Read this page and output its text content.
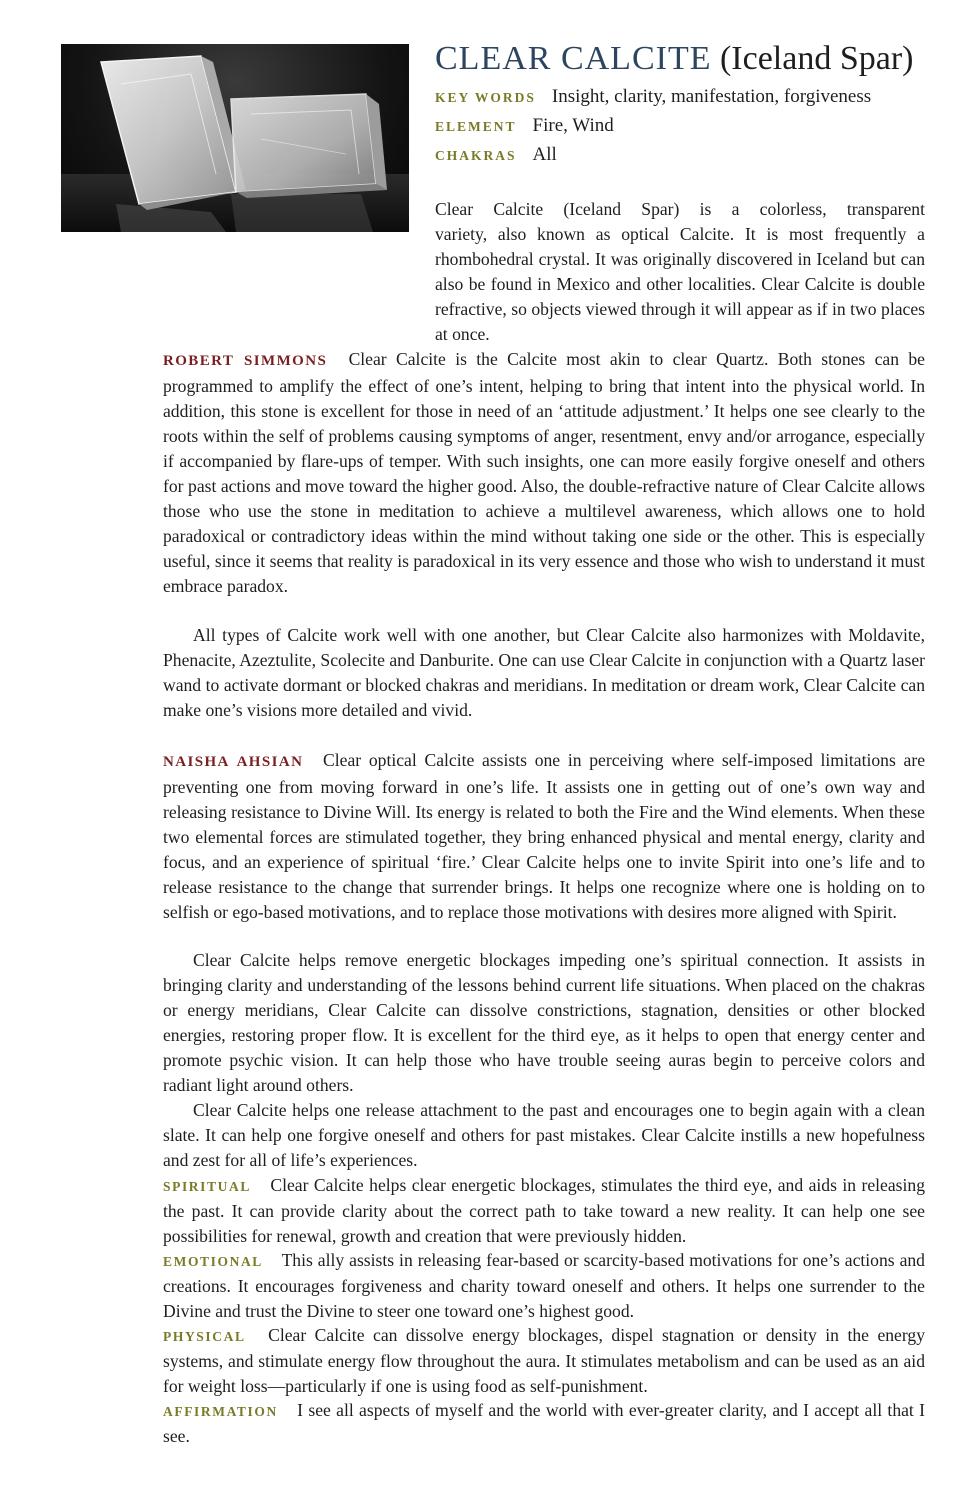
CLEAR CALCITE (Iceland Spar)
KEY WORDS Insight, clarity, manifestation, forgiveness
ELEMENT Fire, Wind
CHAKRAS All
Clear Calcite (Iceland Spar) is a colorless, transparent
variety, also known as optical Calcite. It is most frequently a rhombohedral crystal. It was originally discovered in Iceland but can also be found in Mexico and other localities. Clear Calcite is double refractive, so objects viewed through it will appear as if in two places at once.
ROBERT SIMMONS Clear Calcite is the Calcite most akin to clear Quartz. Both stones can be programmed to amplify the effect of one’s intent, helping to bring that intent into the physical world. In addition, this stone is excellent for those in need of an ‘attitude adjustment.’ It helps one see clearly to the roots within the self of problems causing symptoms of anger, resentment, envy and/or arrogance, especially if accompanied by flare-ups of temper. With such insights, one can more easily forgive oneself and others for past actions and move toward the higher good. Also, the double-refractive nature of Clear Calcite allows those who use the stone in meditation to achieve a multilevel awareness, which allows one to hold paradoxical or contradictory ideas within the mind without taking one side or the other. This is especially useful, since it seems that reality is paradoxical in its very essence and those who wish to understand it must embrace paradox.
All types of Calcite work well with one another, but Clear Calcite also harmonizes with Moldavite, Phenacite, Azeztulite, Scolecite and Danburite. One can use Clear Calcite in conjunction with a Quartz laser wand to activate dormant or blocked chakras and meridians. In meditation or dream work, Clear Calcite can make one’s visions more detailed and vivid.
NAISHA AHSIAN Clear optical Calcite assists one in perceiving where self-imposed limitations are preventing one from moving forward in one’s life. It assists one in getting out of one’s own way and releasing resistance to Divine Will. Its energy is related to both the Fire and the Wind elements. When these two elemental forces are stimulated together, they bring enhanced physical and mental energy, clarity and focus, and an experience of spiritual ‘fire.’ Clear Calcite helps one to invite Spirit into one’s life and to release resistance to the change that surrender brings. It helps one recognize where one is holding on to selfish or ego-based motivations, and to replace those motivations with desires more aligned with Spirit.
Clear Calcite helps remove energetic blockages impeding one’s spiritual connection. It assists in bringing clarity and understanding of the lessons behind current life situations. When placed on the chakras or energy meridians, Clear Calcite can dissolve constrictions, stagnation, densities or other blocked energies, restoring proper flow. It is excellent for the third eye, as it helps to open that energy center and promote psychic vision. It can help those who have trouble seeing auras begin to perceive colors and radiant light around others.
Clear Calcite helps one release attachment to the past and encourages one to begin again with a clean slate. It can help one forgive oneself and others for past mistakes. Clear Calcite instills a new hopefulness and zest for all of life’s experiences.
SPIRITUAL Clear Calcite helps clear energetic blockages, stimulates the third eye, and aids in releasing the past. It can provide clarity about the correct path to take toward a new reality. It can help one see possibilities for renewal, growth and creation that were previously hidden.
EMOTIONAL This ally assists in releasing fear-based or scarcity-based motivations for one’s actions and creations. It encourages forgiveness and charity toward oneself and others. It helps one surrender to the Divine and trust the Divine to steer one toward one’s highest good.
PHYSICAL Clear Calcite can dissolve energy blockages, dispel stagnation or density in the energy systems, and stimulate energy flow throughout the aura. It stimulates metabolism and can be used as an aid for weight loss—particularly if one is using food as self-punishment.
AFFIRMATION I see all aspects of myself and the world with ever-greater clarity, and I accept all that I see.
